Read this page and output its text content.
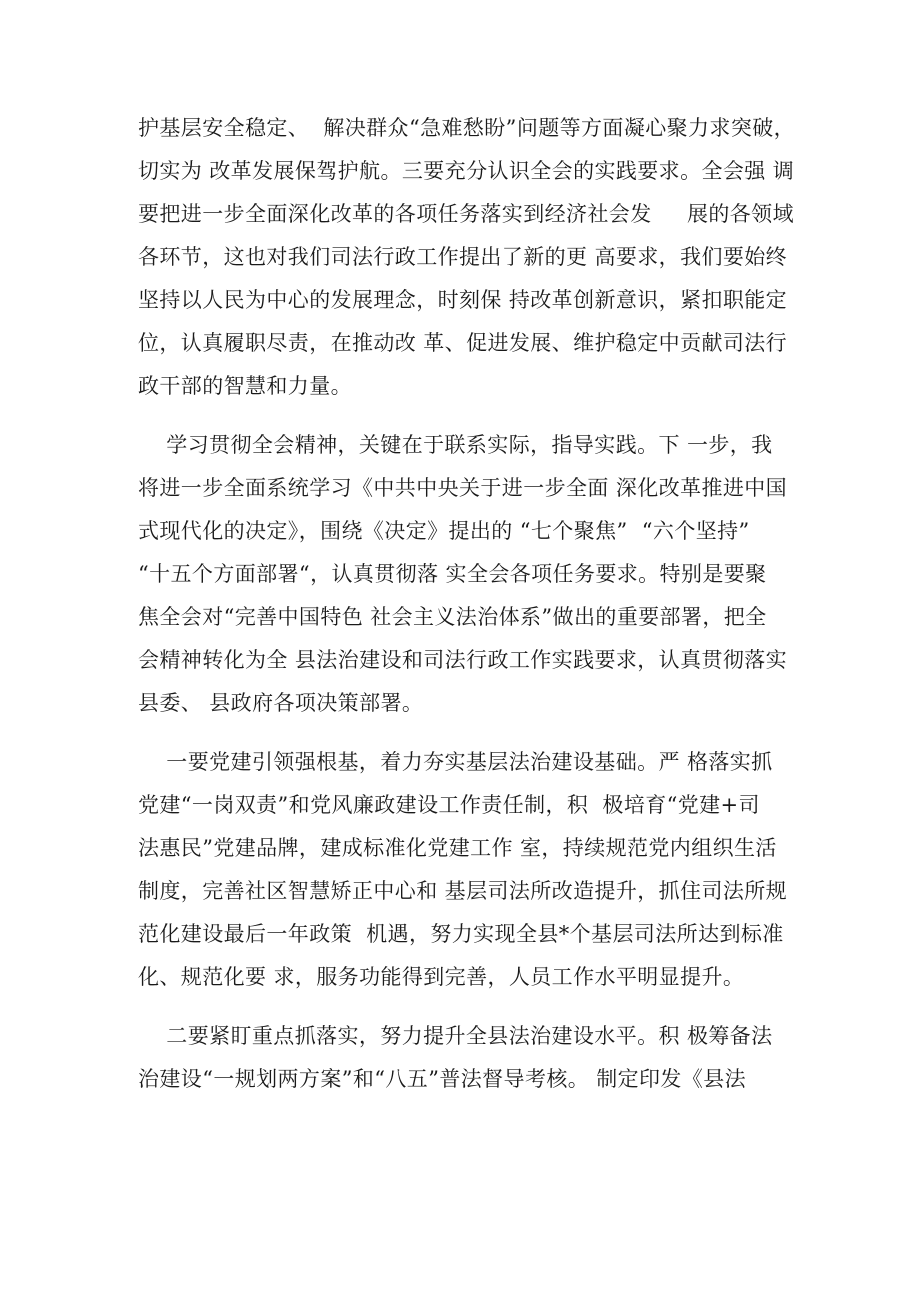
护基层安全稳定、  解决群众“急难愁盼”问题等方面凝心聚力求突破，
切实为 改革发展保驾护航。三要充分认识全会的实践要求。全会强 调
要把进一步全面深化改革的各项任务落实到经济社会发     展的各领域
各环节，这也对我们司法行政工作提出了新的更 高要求，我们要始终
坚持以人民为中心的发展理念，时刻保 持改革创新意识，紧扣职能定
位，认真履职尽责，在推动改 革、促进发展、维护稳定中贡献司法行
政干部的智慧和力量。
学习贯彻全会精神，关键在于联系实际，指导实践。下 一步，我
将进一步全面系统学习《中共中央关于进一步全面 深化改革推进中国
式现代化的决定》，围绕《决定》提出的 “七个聚焦”  “六个坚持”
“十五个方面部署“，认真贯彻落 实全会各项任务要求。特别是要聚
焦全会对“完善中国特色 社会主义法治体系”做出的重要部署，把全
会精神转化为全 县法治建设和司法行政工作实践要求，认真贯彻落实
县委、 县政府各项决策部署。
一要党建引领强根基，着力夯实基层法治建设基础。严 格落实抓
党建“一岗双责”和党风廉政建设工作责任制，积  极培育“党建+司
法惠民”党建品牌，建成标准化党建工作 室，持续规范党内组织生活
制度，完善社区智慧矫正中心和 基层司法所改造提升，抓住司法所规
范化建设最后一年政策  机遇，努力实现全县*个基层司法所达到标准
化、规范化要 求，服务功能得到完善，人员工作水平明显提升。
二要紧盯重点抓落实，努力提升全县法治建设水平。积 极筹备法
治建设“一规划两方案”和“八五”普法督导考核。 制定印发《县法
